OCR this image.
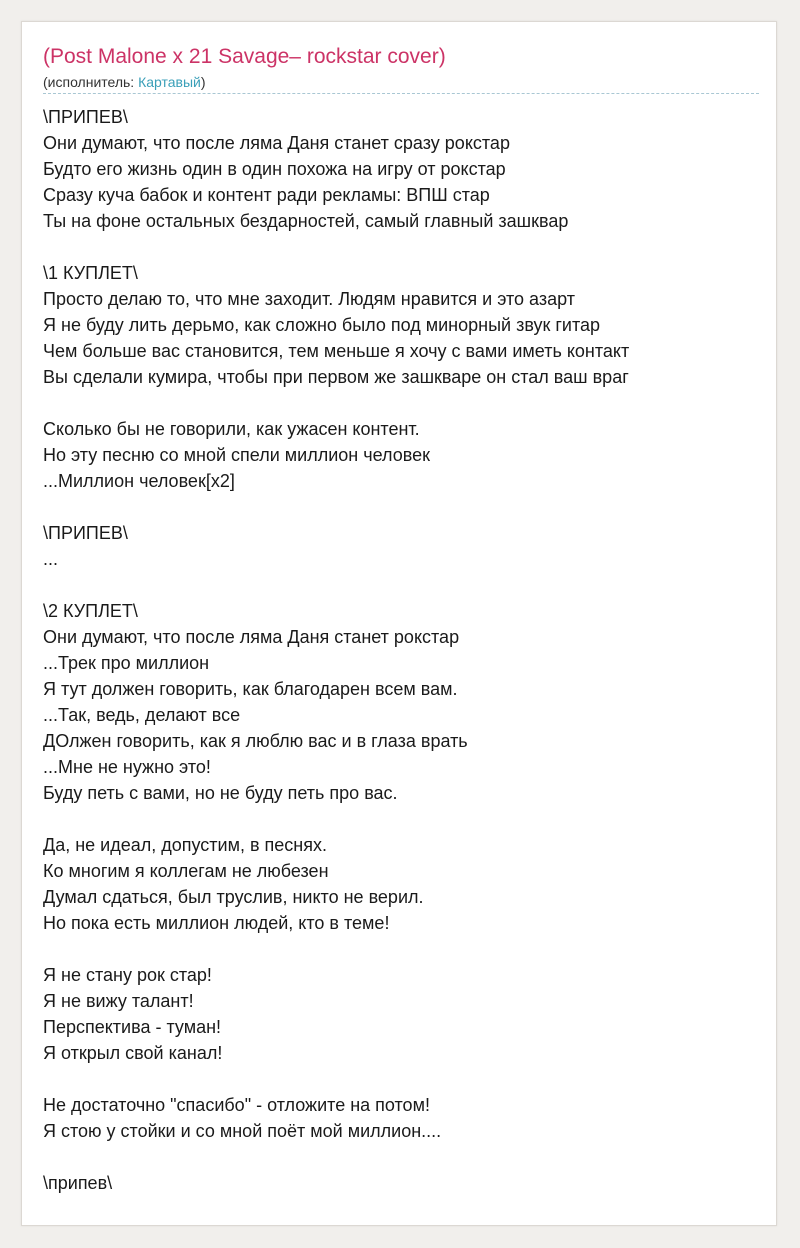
(Post Malone x 21 Savage– rockstar cover)
(исполнитель: Картавый)
\ПРИПЕВ\
Они думают, что после ляма Даня станет сразу рокстар
Будто его жизнь один в один похожа на игру от рокстар
Сразу куча бабок и контент ради рекламы: ВПШ стар
Ты на фоне остальных бездарностей, самый главный зашквар
\1 КУПЛЕТ\
Просто делаю то, что мне заходит. Людям нравится и это азарт
Я не буду лить дерьмо, как сложно было под минорный звук гитар
Чем больше вас становится, тем меньше я хочу с вами иметь контакт
Вы сделали кумира, чтобы при первом же зашкваре он стал ваш враг
Сколько бы не говорили, как ужасен контент.
Но эту песню со мной спели миллион человек
...Миллион человек[x2]
\ПРИПЕВ\
...
\2 КУПЛЕТ\
Они думают, что после ляма Даня станет рокстар
...Трек про миллион
Я тут должен говорить, как благодарен всем вам.
...Так, ведь, делают все
ДОлжен говорить, как я люблю вас и в глаза врать
...Мне не нужно это!
Буду петь с вами, но не буду петь про вас.
Да, не идеал, допустим, в песнях.
Ко многим я коллегам не любезен
Думал сдаться, был труслив, никто не верил.
Но пока есть миллион людей, кто в теме!
Я не стану рок стар!
Я не вижу талант!
Перспектива - туман!
Я открыл свой канал!
Не достаточно "спасибо" - отложите на потом!
Я стою у стойки и со мной поёт мой миллион....
\припев\
